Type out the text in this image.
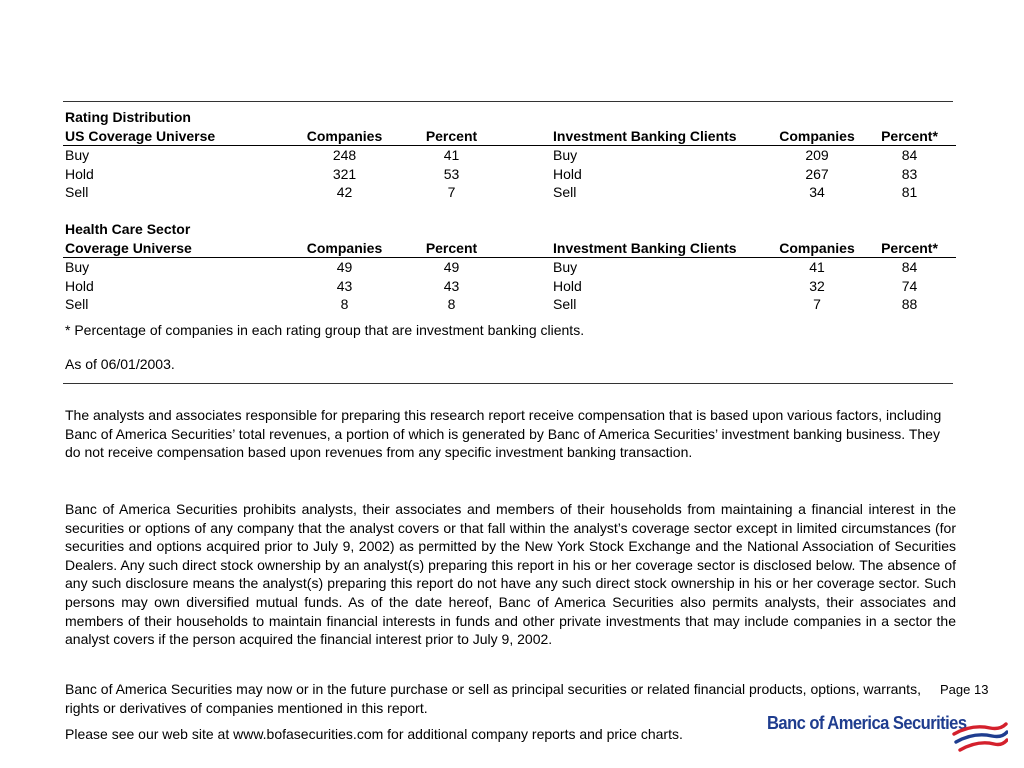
Rating Distribution						
US Coverage Universe	Companies	Percent		Investment Banking Clients	Companies	Percent*
Buy	248	41		Buy	209	84
Hold	321	53		Hold	267	83
Sell	42	7		Sell	34	81
Health Care Sector						
Coverage Universe	Companies	Percent		Investment Banking Clients	Companies	Percent*
Buy	49	49		Buy	41	84
Hold	43	43		Hold	32	74
Sell	8	8		Sell	7	88
* Percentage of companies in each rating group that are investment banking clients.
As of 06/01/2003.

The analysts and associates responsible for preparing this research report receive compensation that is based upon various factors, including Banc of America Securities’ total revenues, a portion of which is generated by Banc of America Securities’ investment banking business. They do not receive compensation based upon revenues from any specific investment banking transaction.

Banc of America Securities prohibits analysts, their associates and members of their households from maintaining a financial interest in the securities or options of any company that the analyst covers or that fall within the analyst’s coverage sector except in limited circumstances (for securities and options acquired prior to July 9, 2002) as permitted by the New York Stock Exchange and the National Association of Securities Dealers. Any such direct stock ownership by an analyst(s) preparing this report in his or her coverage sector is disclosed below. The absence of any such disclosure means the analyst(s) preparing this report do not have any such direct stock ownership in his or her coverage sector. Such persons may own diversified mutual funds. As of the date hereof, Banc of America Securities also permits analysts, their associates and members of their households to maintain financial interests in funds and other private investments that may include companies in a sector the analyst covers if the person acquired the financial interest prior to July 9, 2002.

Banc of America Securities may now or in the future purchase or sell as principal securities or related financial products, options, warrants, rights or derivatives of companies mentioned in this report.

Please see our web site at www.bofasecurities.com for additional company reports and price charts.

Page 13
Banc of America Securities
